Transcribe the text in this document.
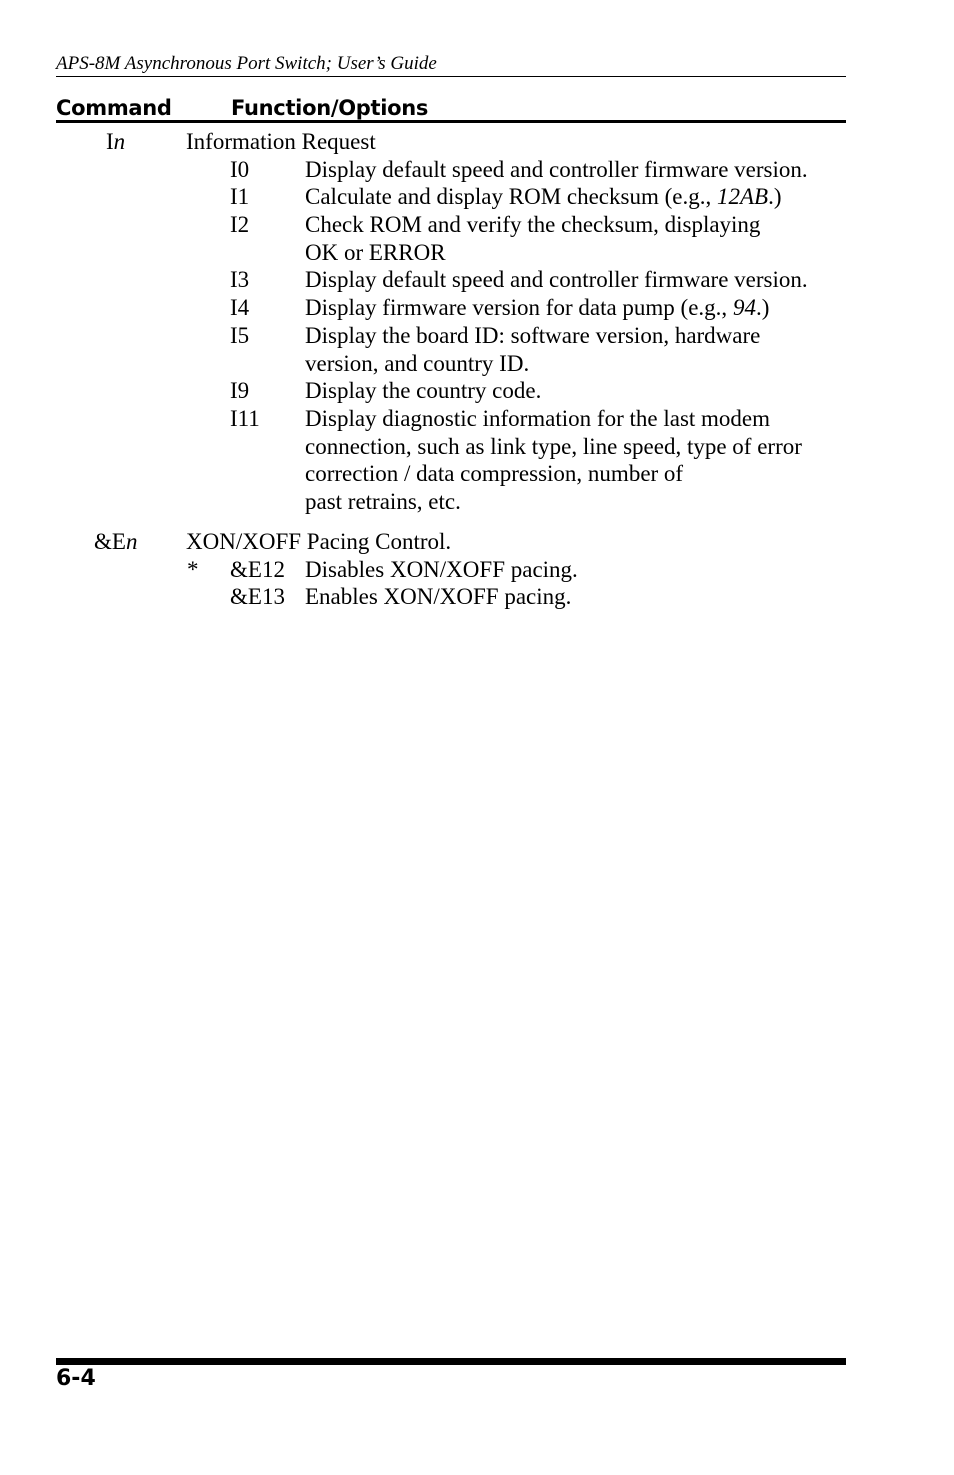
APS-8M Asynchronous Port Switch; User’s Guide
Command	Function/Options
In	Information Request
I0 Display default speed and controller firmware version.
I1 Calculate and display ROM checksum (e.g., 12AB.)
I2 Check ROM and verify the checksum, displaying
OK or ERROR
I3 Display default speed and controller firmware version.
I4 Display firmware version for data pump (e.g., 94.)
I5 Display the board ID: software version, hardware
version, and country ID.
I9 Display the country code.
I11 Display diagnostic information for the last modem
connection, such as link type, line speed, type of error
correction / data compression, number of
past retrains, etc.
&En XON/XOFF Pacing Control.
* &E12 Disables XON/XOFF pacing.
&E13 Enables XON/XOFF pacing.
6-4
